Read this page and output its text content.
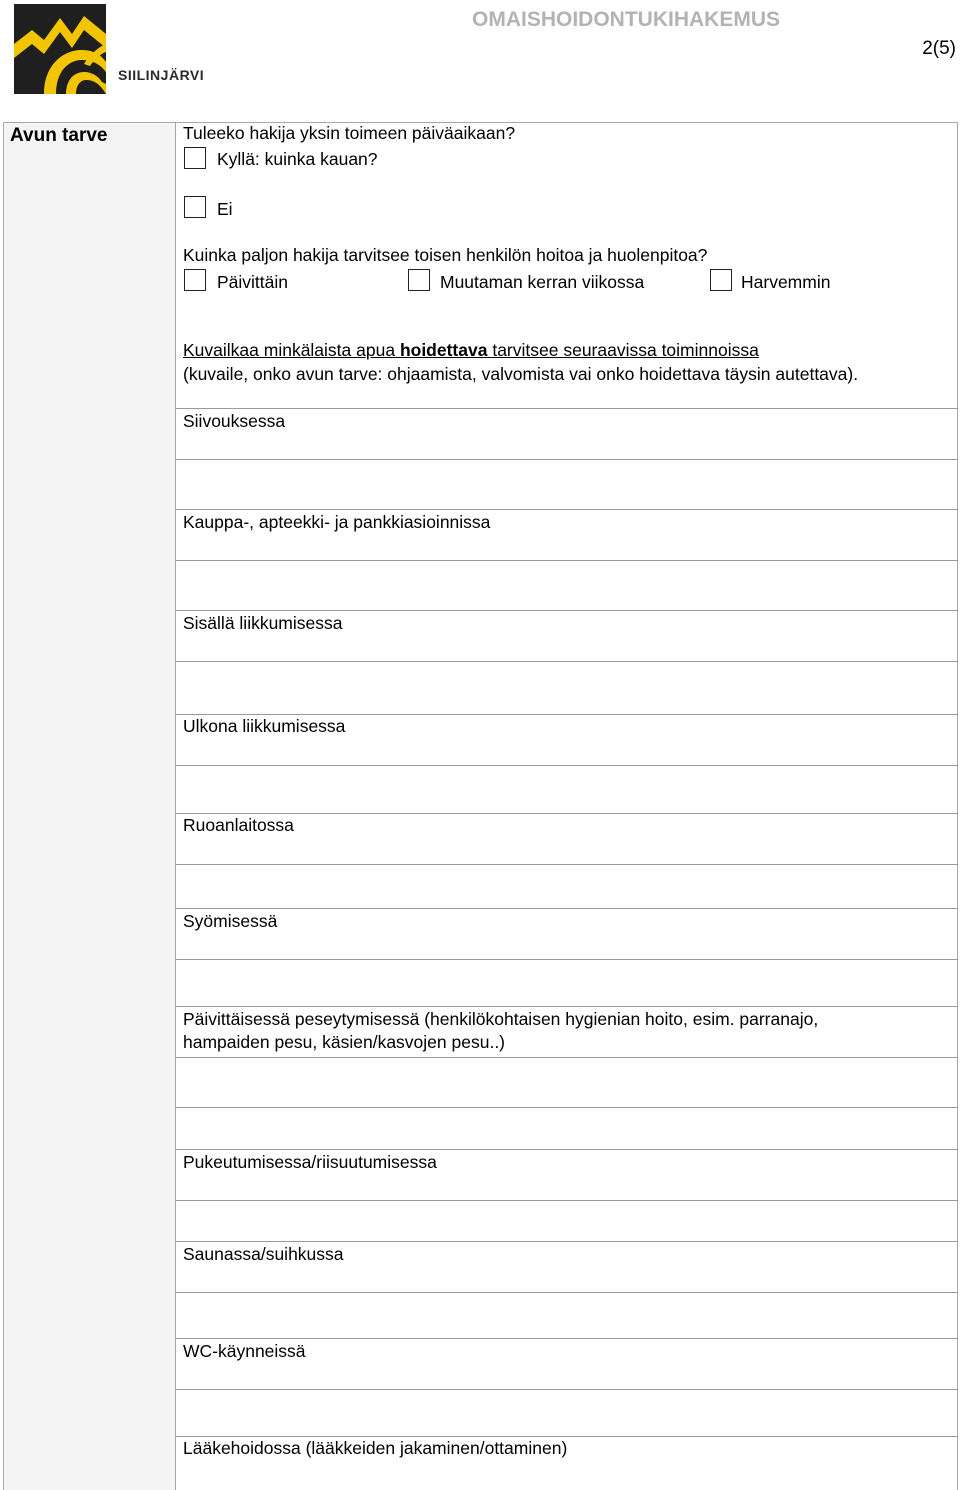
SIILINJÄRVI
OMAISHOIDONTUKIHAKEMUS
2(5)
Avun tarve	Tuleeko hakija yksin toimeen päiväaikaan?
Kyllä: kuinka kauan?
Ei
Kuinka paljon hakija tarvitsee toisen henkilön hoitoa ja huolenpitoa?
Päivittäin	Muutaman kerran viikossa	Harvemmin
Kuvailkaa minkälaista apua hoidettava tarvitsee seuraavissa toiminnoissa
(kuvaile, onko avun tarve: ohjaamista, valvomista vai onko hoidettava täysin autettava).
Siivouksessa
Kauppa-, apteekki- ja pankkiasioinnissa
Sisällä liikkumisessa
Ulkona liikkumisessa
Ruoanlaitossa
Syömisessä
Päivittäisessä peseytymisessä (henkilökohtaisen hygienian hoito, esim. parranajo,
hampaiden pesu, käsien/kasvojen pesu..)
Pukeutumisessa/riisuutumisessa
Saunassa/suihkussa
WC-käynneissä
Lääkehoidossa (lääkkeiden jakaminen/ottaminen)
